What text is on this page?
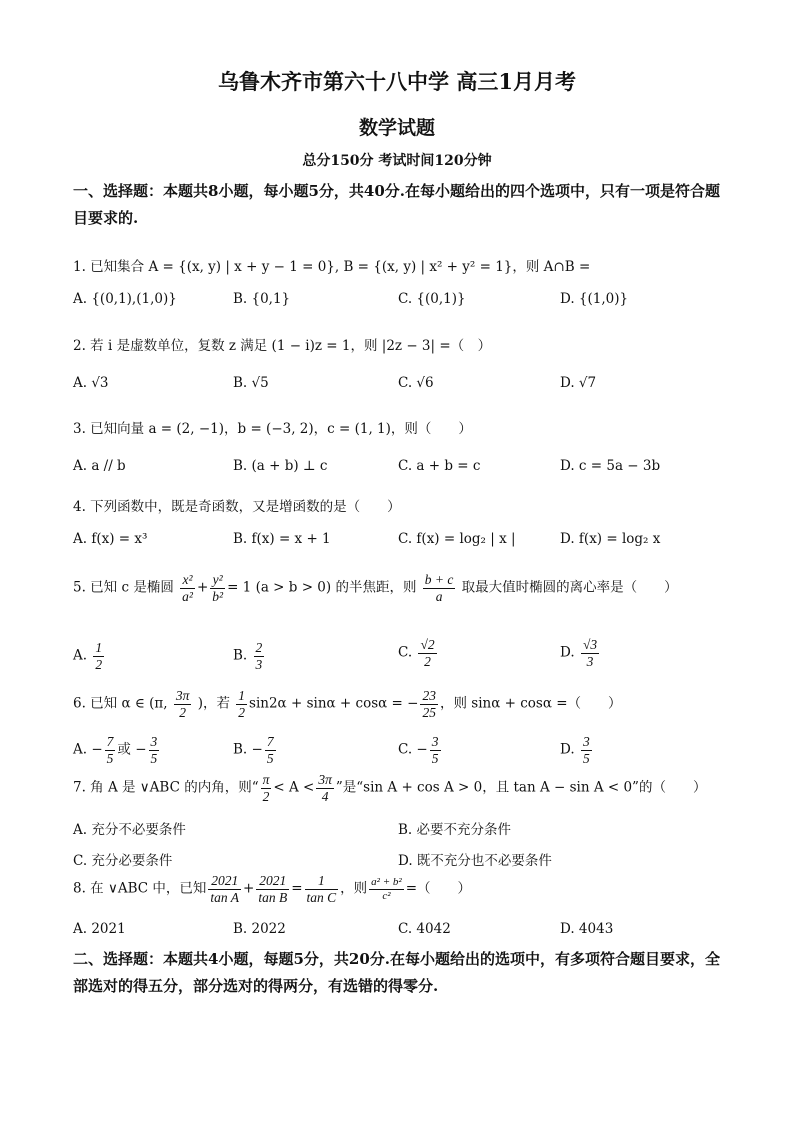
乌鲁木齐市第六十八中学 高三1月月考
数学试题
总分150分 考试时间120分钟
一、选择题：本题共8小题，每小题5分，共40分.在每小题给出的四个选项中，只有一项是符合题目要求的.
1. 已知集合 A = {(x, y) | x + y − 1 = 0}, B = {(x, y) | x² + y² = 1}，则 A∩B =
A. {(0,1),(1,0)}	B. {0,1}	C. {(0,1)}	D. {(1,0)}
2. 若 i 是虚数单位，复数 z 满足 (1 − i)z = 1，则 |2z − 3| =（　）
A. √3	B. √5	C. √6	D. √7
3. 已知向量 a = (2, −1)，b = (−3, 2)，c = (1, 1)，则（　　）
A. a // b	B. (a + b) ⊥ c	C. a + b = c	D. c = 5a − 3b
4. 下列函数中，既是奇函数，又是增函数的是（　　）
A. f(x) = x³	B. f(x) = x + 1	C. f(x) = log₂ | x |	D. f(x) = log₂ x
5. 已知 c 是椭圆 $\frac{\text{x²}}{\text{a²}} + \frac{\text{y²}}{\text{b²}} = 1$ (a > b > 0) 的半焦距，则 $\frac{b + c}{a}$ 取最大值时椭圆的离心率是（　　）
A. $\frac{1}{2}$	B. $\frac{2}{3}$	C. $\frac{√2}{2}$	D. $\frac{√3}{3}$
6. 已知 α ∈ (π, $\frac{3\pi}{2}$ )，若 $\frac{1}{2} \sin 2\alpha + \sin\alpha + \cos\alpha$ = − $\frac{23}{25}$ ，则 sinα + cosα =（　　）
A. − $\frac{7}{5}$ 或 − $\frac{3}{5}$	B. − $\frac{7}{5}$	C. − $\frac{3}{5}$	D. $\frac{3}{5}$
7. 角 A 是 ∨ABC 的内角，则“ $\frac{\pi}{2} < A < \frac{3\pi}{4}$ ”是“sin A + cos A > 0，且 tan A − sin A < 0”的（　　）
A. 充分不必要条件	B. 必要不充分条件
C. 充分必要条件	D. 既不充分也不必要条件
8. 在 ∨ABC 中，已知 $\frac{2021}{\text{tan A}} + \frac{2021}{\text{tan B}} = \frac{1}{\text{tan C}}$ ，则 $\frac{\text{a² + b²}}{\text{c²}}$ =（　　）
A. 2021	B. 2022	C. 4042	D. 4043
二、选择题：本题共4小题，每题5分，共20分.在每小题给出的选项中，有多项符合题目要求，全部选对的得五分，部分选对的得两分，有选错的得零分.
